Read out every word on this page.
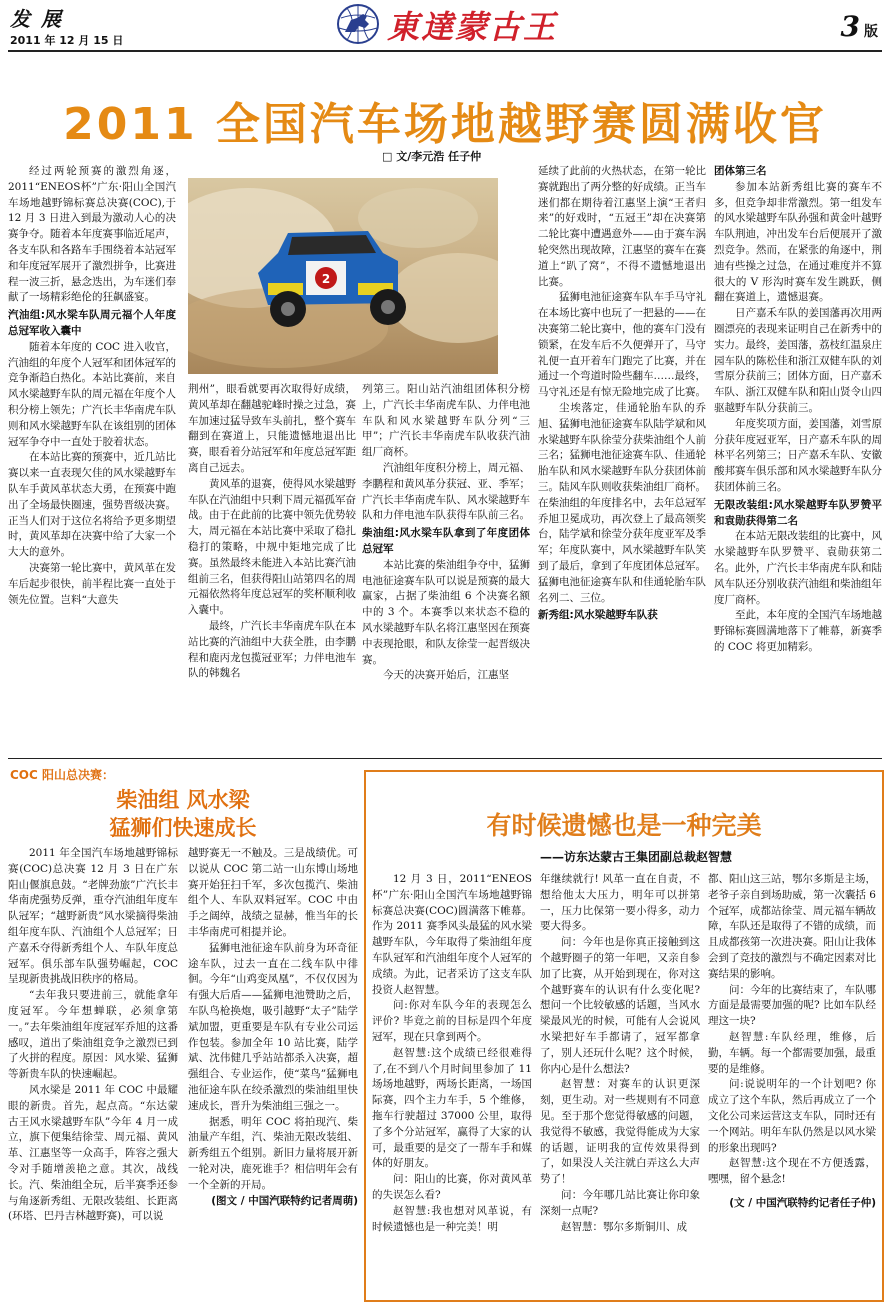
发 展
2011 年 12 月 15 日	東達蒙古王	3 版
2011 全国汽车场地越野赛圆满收官
□ 文/李元浩 任子仲
2

经过两轮预赛的激烈角逐，2011“ENEOS杯”广东·阳山全国汽车场地越野锦标赛总决赛(COC),于 12 月 3 日进入到最为激动人心的决赛争夺。随着本年度赛事临近尾声，各支车队和各路车手围绕着本站冠军和年度冠军展开了激烈拼争，比赛进程一波三折，悬念迭出，为车迷们奉献了一场精彩绝伦的狂飙盛宴。

汽油组:风水梁车队周元福个人年度总冠军收入囊中

随着本年度的 COC 进入收官，汽油组的年度个人冠军和团体冠军的竞争渐趋白热化。本站比赛前，来自风水梁越野车队的周元福在年度个人积分榜上领先；广汽长丰华南虎车队则和风水梁越野车队在该组别的团体冠军争夺中一直处于胶着状态。

在本站比赛的预赛中，近几站比赛以来一直表现欠佳的风水梁越野车队车手黄风革状态大勇，在预赛中跑出了全场最快圈速，强势晋级决赛。正当人们对于这位名将给予更多期望时，黄风革却在决赛中给了大家一个大大的意外。

决赛第一轮比赛中，黄风革在发车后起步很快，前半程比赛一直处于领先位置。岂料“大意失

荆州”，眼看就要再次取得好成绩，黄风革却在翻越驼峰时操之过急，赛车加速过猛导致车头前扎，整个赛车翻到在赛道上，只能遗憾地退出比赛，眼看着分站冠军和年度总冠军距离自己远去。

黄风革的退赛，使得风水梁越野车队在汽油组中只剩下周元福孤军奋战。由于在此前的比赛中领先优势较大，周元福在本站比赛中采取了稳扎稳打的策略，中规中矩地完成了比赛。虽然最终未能进入本站比赛汽油组前三名，但获得阳山站第四名的周元福依然将年度总冠军的奖杯顺利收入囊中。

最终，广汽长丰华南虎车队在本站比赛的汽油组中大获全胜，由李鹏程和鹿丙龙包揽冠亚军；力伴电池车队的韩魏名

列第三。阳山站汽油组团体积分榜上，广汽长丰华南虎车队、力伴电池车队和风水梁越野车队分列“三甲”；广汽长丰华南虎车队收获汽油组厂商杯。

汽油组年度积分榜上，周元福、李鹏程和黄风革分获冠、亚、季军；广汽长丰华南虎车队、风水梁越野车队和力伴电池车队获得车队前三名。

柴油组:风水梁车队拿到了年度团体总冠军

本站比赛的柴油组争夺中，猛狮电池征途赛车队可以说是预赛的最大赢家，占据了柴油组 6 个决赛名额中的 3 个。本赛季以来状态不稳的风水梁越野车队名将江惠坚因在预赛中表现抢眼，和队友徐莹一起晋级决赛。

今天的决赛开始后，江惠坚

延续了此前的火热状态，在第一轮比赛就跑出了两分整的好成绩。正当车迷们都在期待着江惠坚上演“王者归来”的好戏时，“五冠王”却在决赛第二轮比赛中遭遇意外——由于赛车涡轮突然出现故障，江惠坚的赛车在赛道上“趴了窝”，不得不遗憾地退出比赛。

猛狮电池征途赛车队车手马守礼在本场比赛中也玩了一把悬的——在决赛第二轮比赛中，他的赛车门没有锁紧，在发车后不久便弹开了，马守礼便一直开着车门跑完了比赛，并在通过一个弯道时险些翻车……最终，马守礼还是有惊无险地完成了比赛。

尘埃落定，佳通轮胎车队的乔旭、猛狮电池征途赛车队陆学斌和风水梁越野车队徐莹分获柴油组个人前三名；猛狮电池征途赛车队、佳通轮胎车队和风水梁越野车队分获团体前三。陆风车队则收获柴油组厂商杯。在柴油组的年度排名中，去年总冠军乔旭卫冕成功，再次登上了最高领奖台，陆学斌和徐莹分获年度亚军及季军；年度队赛中，风水梁越野车队笑到了最后，拿到了年度团体总冠军。猛狮电池征途赛车队和佳通轮胎车队名列二、三位。

新秀组:风水梁越野车队获

团体第三名

参加本站新秀组比赛的赛车不多，但竞争却非常激烈。第一组发车的风水梁越野车队孙强和黄金叶越野车队荆迪，冲出发车台后便展开了激烈竞争。然而，在紧张的角逐中，荆迪有些操之过急，在通过难度并不算很大的 V 形沟时赛车发生跳跃，侧翻在赛道上，遗憾退赛。

日产嘉禾车队的姜国藩再次用两圈漂亮的表现来证明自己在新秀中的实力。最终，姜国藩，荔枝红温泉庄园车队的陈松佳和浙江双健车队的刘雪原分获前三；团体方面，日产嘉禾车队、浙江双健车队和阳山贤令山四驱越野车队分获前三。

年度奖项方面，姜国藩，刘雪原分获年度冠亚军，日产嘉禾车队的周林平名列第三；日产嘉禾车队、安徽酸邦赛车俱乐部和风水梁越野车队分获团体前三名。

无限改装组:风水梁越野车队罗赞平和袁勋获得第二名

在本站无限改装组的比赛中，风水梁越野车队罗赞平、袁勋获第二名。此外，广汽长丰华南虎车队和陆风车队还分别收获汽油组和柴油组年度厂商杯。

至此，本年度的全国汽车场地越野锦标赛圆满地落下了帷幕，新赛季的 COC 将更加精彩。

COC 阳山总决赛：
柴油组 风水梁
猛狮们快速成长

2011 年全国汽车场地越野锦标赛(COC)总决赛 12 月 3 日在广东阳山偃旗息鼓。“老牌劲旅”广汽长丰华南虎强势反弹，重夺汽油组年度车队冠军；“越野新贵”风水梁摘得柴油组年度车队、汽油组个人总冠军；日产嘉禾夺得新秀组个人、车队年度总冠军。俱乐部车队强势崛起，COC 呈现新贵挑战旧秩序的格局。

“去年我只要进前三，就能拿年度冠军。今年想蝉联，必须拿第一。”去年柴油组年度冠军乔旭的这番感叹，道出了柴油组竞争之激烈已到了火拼的程度。原因：风水梁、猛狮等新贵车队的快速崛起。

风水梁是 2011 年 COC 中最耀眼的新贵。首先，起点高。“东达蒙古王风水梁越野车队”今年 4 月一成立，旗下便集结徐莹、周元福、黄风革、江惠坚等一众高手，阵容之强大令对手随增羡艳之意。其次，战线长。汽、柴油组全玩，后半赛季还参与角逐新秀组、无限改装组、长距离(环塔、巴丹吉林越野赛)，可以说

越野赛无一不触及。三是战绩优。可以说从 COC 第二站一山东博山场地赛开始狂扫千军，多次包揽汽、柴油组个人、车队双料冠军。COC 中由手之阔绰，战绩之显赫，惟当年的长丰华南虎可相提并论。

猛狮电池征途车队前身为环奇征途车队，过去一直在二线车队中徘徊。今年“山鸡变凤凰”，不仅仅因为有强大后盾——猛狮电池赞助之后，车队鸟枪换炮，吸引越野“太子”陆学斌加盟，更重要是车队有专业公司运作包装。参加全年 10 站比赛，陆学斌、沈伟健几乎站站都杀入决赛，超强组合、专业运作，使“菜鸟”猛狮电池征途车队在绞杀激烈的柴油组里快速成长，晋升为柴油组三强之一。

据悉，明年 COC 将拍现汽、柴油量产车组，汽、柴油无限改装组、新秀组五个组别。新旧力量将展开新一轮对决，鹿死谁手？相信明年会有一个全新的开局。

(图文 / 中国汽联特约记者周萌)

有时候遗憾也是一种完美
——访东达蒙古王集团副总裁赵智慧

12 月 3 日，2011“ENEOS 杯”广东·阳山全国汽车场地越野锦标赛总决赛(COC)圆满落下帷幕。作为 2011 赛季风头最猛的风水梁越野车队，今年取得了柴油组年度车队冠军和汽油组年度个人冠军的成绩。为此，记者采访了这支车队投资人赵智慧。

问:你对车队今年的表现怎么评价? 毕竟之前的目标是四个年度冠军，现在只拿到两个。

赵智慧:这个成绩已经很难得了,在不到八个月时间里参加了 11 场场地越野，两场长距离，一场国际赛，四个主力车手，5 个维修，拖车行驶超过 37000 公里，取得了多个分站冠军，赢得了大家的认可，最重要的是交了一帮车手和媒体的好朋友。

问：阳山的比赛，你对黄风革的失误怎么看?

赵智慧:我也想对风革说，有时候遗憾也是一种完美！明

年继续就行! 风革一直在自责，不想给他太大压力，明年可以拼第一，压力比保第一要小得多，动力要大得多。

问：今年也是你真正接触到这个越野圈子的第一年吧，又亲自参加了比赛，从开始到现在，你对这个越野赛车的认识有什么变化呢? 想问一个比较敏感的话题，当风水梁最风光的时候，可能有人会说风水梁把好车手都请了，冠军都拿了，别人还玩什么呢？这个时候，你内心是什么想法?

赵智慧：对赛车的认识更深刻，更生动。对一些规则有不同意见。至于那个您觉得敏感的问题，我觉得不敏感，我觉得能成为大家的话题，证明我的宣传效果得到了，如果没人关注就白弄这么大声势了！

问：今年哪几站比赛让你印象深刻一点呢?

赵智慧：鄂尔多斯铜川、成

都、阳山这三站，鄂尔多斯是主场，老爷子亲自到场助威，第一次囊括 6 个冠军，成都站徐莹、周元福车辆故障，车队还是取得了不错的成绩，而且成都孩第一次进决赛。阳山让我体会到了竞技的激烈与不确定因素对比赛结果的影响。

问：今年的比赛结束了，车队哪方面是最需要加强的呢? 比如车队经理这一块?

赵智慧:车队经理，维修，后勤，车辆。每一个都需要加强，最重要的是维修。

问:说说明年的一个计划吧? 你成立了这个车队，然后再成立了一个文化公司来运营这支车队，同时还有一个网站。明年车队仍然是以风水梁的形象出现吗?

赵智慧:这个现在不方便透露，嘿嘿，留个悬念!

(文 / 中国汽联特约记者任子仲)
